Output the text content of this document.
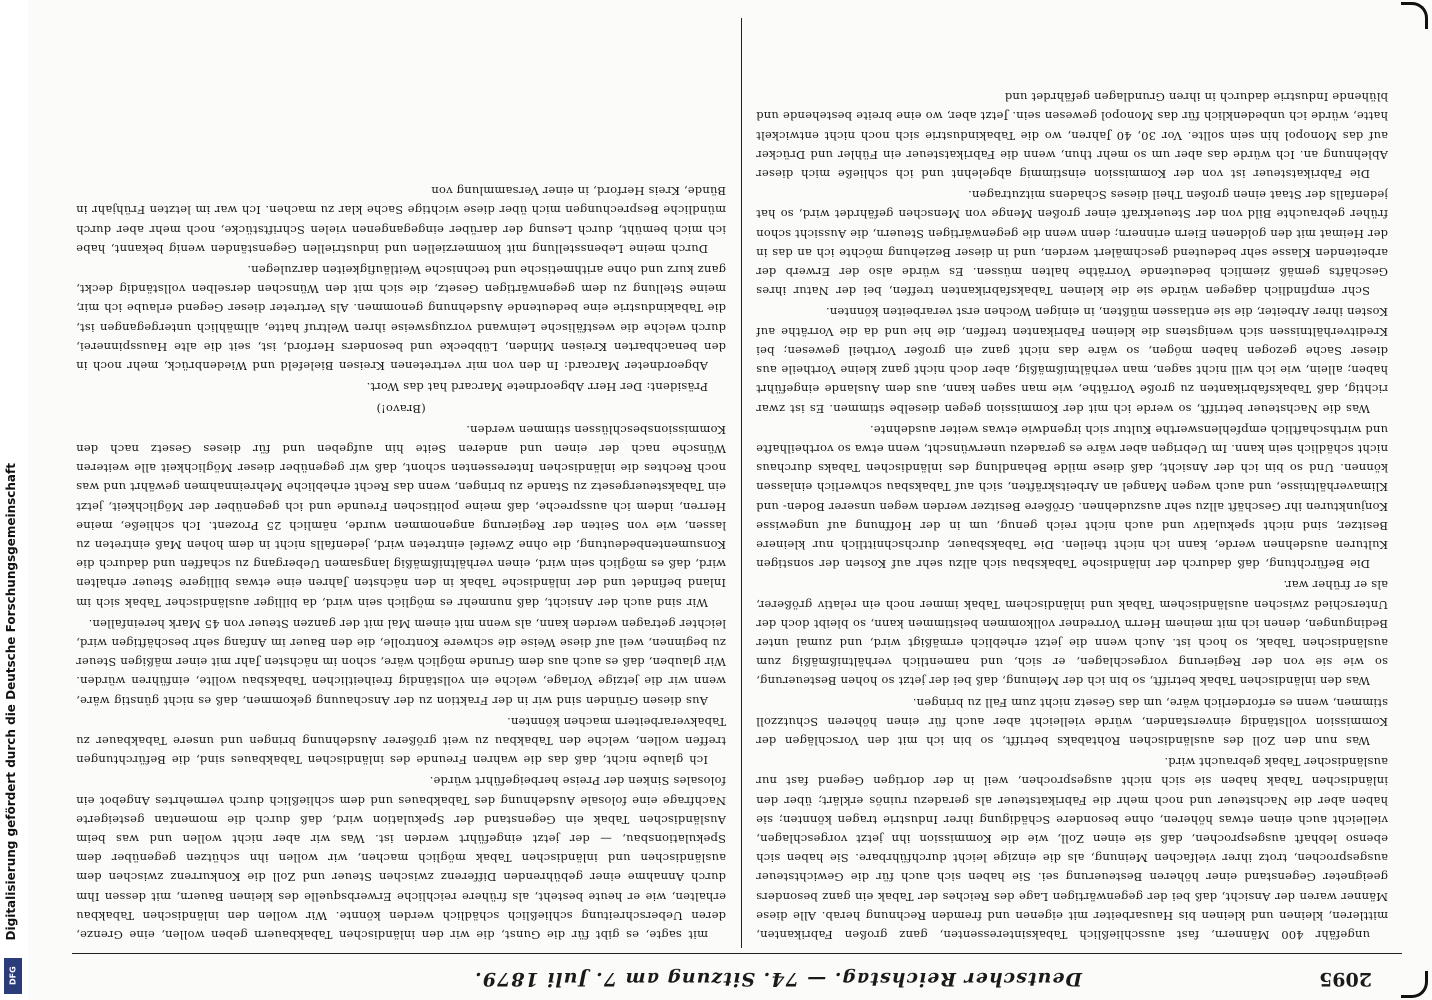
Digitalisierung gefördert durch die Deutsche Forschungsgemeinschaft
DFG	Deutscher Reichstag. — 74. Sitzung am 7. Juli 1879.	2095

ungefähr 400 Männern, fast ausschließlich Tabaksinteressenten, ganz großen Fabrikanten, mittleren, kleinen und kleinen bis Hausarbeiter mit eigenen und fremden Rechnung herab. Alle diese Männer waren der Ansicht, daß bei der gegenwärtigen Lage des Reiches der Tabak ein ganz besonders geeigneter Gegenstand einer höheren Besteuerung sei. Sie haben sich auch für die Gewichtsteuer ausgesprochen, trotz ihrer vielfachen Meinung, als die einzige leicht durchführbare. Sie haben sich ebenso lebhaft ausgesprochen, daß sie einen Zoll, wie die Kommission ihn jetzt vorgeschlagen, vielleicht auch einen etwas höheren, ohne besondere Schädigung ihrer Industrie tragen könnten; sie haben aber die Nachsteuer und noch mehr die Fabrikatsteuer als geradezu ruinös erklärt; über den inländischen Tabak haben sie sich nicht ausgesprochen, weil in der dortigen Gegend fast nur ausländischer Tabak gebraucht wird.

Was nun den Zoll des ausländischen Rohtabaks betrifft, so bin ich mit den Vorschlägen der Kommission vollständig einverstanden, würde vielleicht aber auch für einen höheren Schutzzoll stimmen, wenn es erforderlich wäre, um das Gesetz nicht zum Fall zu bringen.

Was den inländischen Tabak betrifft, so bin ich der Meinung, daß bei der jetzt so hohen Besteuerung, so wie sie von der Regierung vorgeschlagen, er sich, und namentlich verhältnißmäßig zum ausländischen Tabak, so hoch ist. Auch wenn die jetzt erheblich ermäßigt wird, und zumal unter Bedingungen, denen ich mit meinem Herrn Vorredner vollkommen beistimmen kann, so bleibt doch der Unterschied zwischen ausländischem Tabak und inländischem Tabak immer noch ein relativ größerer, als er früher war.

Die Befürchtung, daß dadurch der inländische Tabaksbau sich allzu sehr auf Kosten der sonstigen Kulturen ausdehnen werde, kann ich nicht theilen. Die Tabaksbauer, durchschnittlich nur kleinere Besitzer, sind nicht spekulativ und auch nicht reich genug, um in der Hoffnung auf ungewisse Konjunkturen ihr Geschäft allzu sehr auszudehnen. Größere Besitzer werden wegen unserer Boden- und Klimaverhältnisse, und auch wegen Mangel an Arbeitskräften, sich auf Tabaksbau schwerlich einlassen können. Und so bin ich der Ansicht, daß diese milde Behandlung des inländischen Tabaks durchaus nicht schädlich sein kann. Im Uebrigen aber wäre es geradezu unerwünscht, wenn etwa so vortheilhafte und wirthschaftlich empfehlenswerthe Kultur sich irgendwie etwas weiter ausdehnte.

Was die Nachsteuer betrifft, so werde ich mit der Kommission gegen dieselbe stimmen. Es ist zwar richtig, daß Tabaksfabrikanten zu große Vorräthe, wie man sagen kann, aus dem Auslande eingeführt haben; allein, wie ich will nicht sagen, man verhältnißmäßig, aber doch nicht ganz kleine Vortheile aus dieser Sache gezogen haben mögen, so wäre das nicht ganz ein großer Vortheil gewesen; bei Kreditverhältnissen sich wenigstens die kleinen Fabrikanten treffen, die hie und da die Vorräthe auf Kosten ihrer Arbeiter, die sie entlassen müßten, in einigen Wochen erst verarbeiten könnten.

Schr empfindlich dagegen würde sie die kleinen Tabaksfabrikanten treffen, bei der Natur ihres Geschäfts gemäß ziemlich bedeutende Vorräthe halten müssen. Es würde also der Erwerb der arbeitenden Klasse sehr bedeutend geschmälert werden, und in dieser Beziehung möchte ich an das in der Heimat mit den goldenen Eiern erinnern; denn wenn die gegenwärtigen Steuern, die Aussicht schon früher gebrauchte Bild von der Steuerkraft einer großen Menge von Menschen gefährdet wird, so hat jedenfalls der Staat einen großen Theil dieses Schadens mitzutragen.

Die Fabrikatsteuer ist von der Kommission einstimmig abgelehnt und ich schließe mich dieser Ablehnung an. Ich würde das aber um so mehr thun, wenn die Fabrikatsteuer ein Fühler und Drücker auf das Monopol hin sein sollte. Vor 30, 40 Jahren, wo die Tabakindustrie sich noch nicht entwickelt hatte, würde ich unbedenklich für das Monopol gewesen sein. Jetzt aber, wo eine breite bestehende und blühende Industrie dadurch in ihren Grundlagen gefährdet und

mit sagte, es gibt für die Gunst, die wir den inländischen Tabakbauern geben wollen, eine Grenze, deren Ueberschreitung schließlich schädlich werden könnte. Wir wollen den inländischen Tabakbau erhalten, wie er heute besteht, als frühere reichliche Erwerbsquelle des kleinen Bauern, mit dessen Ihm durch Annahme einer gebührenden Differenz zwischen Steuer und Zoll die Konkurrenz zwischen dem ausländischen und inländischen Tabak möglich machen, wir wollen ihn schützen gegenüber dem Spekulationsbau, — der jetzt eingeführt werden ist. Was wir aber nicht wollen und was beim Ausländischen Tabak ein Gegenstand der Spekulation wird, daß durch die momentan gesteigerte Nachfrage eine folosale Ausdehnung des Tabakbaues und dem schließlich durch vermehrtes Angebot ein folosales Sinken der Preise herbeigeführt würde.

Ich glaube nicht, daß das die wahren Freunde des inländischen Tabakbaues sind, die Befürchtungen treffen wollen, welche den Tabakbau zu weit größerer Ausdehnung bringen und unsere Tabakbauer zu Tabakverarbeitern machen könnten.

Aus diesen Gründen sind wir in der Fraktion zu der Anschauung gekommen, daß es nicht günstig wäre, wenn wir die jetzige Vorlage, welche ein vollständig freiheitlichen Tabaksbau wollte, einführen würden. Wir glauben, daß es auch aus dem Grunde möglich wäre, schon im nächsten Jahr mit einer mäßigen Steuer zu beginnen, weil auf diese Weise die schwere Kontrolle, die den Bauer im Anfang sehr beschäftigen wird, leichter getragen werden kann, als wenn mit einem Mal mit der ganzen Steuer von 45 Mark hereinfallen.

Wir sind auch der Ansicht, daß nunmehr es möglich sein wird, da billiger ausländischer Tabak sich im Inland befindet und der inländische Tabak in den nächsten Jahren eine etwas billigere Steuer erhalten wird, daß es möglich sein wird, einen verhältnißmäßig langsamen Uebergang zu schaffen und dadurch die Konsumentenbedeutung, die ohne Zweifel eintreten wird, jedenfalls nicht in dem hohen Maß eintreten zu lassen, wie von Seiten der Regierung angenommen wurde, nämlich 25 Prozent. Ich schließe, meine Herren, indem ich ausspreche, daß meine politischen Freunde und ich gegenüber der Möglichkeit, jetzt ein Tabaksteuergesetz zu Stande zu bringen, wenn das Recht erhebliche Mehreinnahmen gewährt und was noch Rechtes die inländischen Interessenten schont, daß wir gegenüber dieser Möglichkeit alle weiteren Wünsche nach der einen und anderen Seite hin aufgeben und für dieses Gesetz nach den Kommissionsbeschlüssen stimmen werden.

(Bravo!)

Präsident: Der Herr Abgeordnete Marcard hat das Wort.

Abgeordneter Marcard: In den von mir vertretenen Kreisen Bielefeld und Wiedenbrück, mehr noch in den benachbarten Kreisen Minden, Lübbecke und besonders Herford, ist, seit die alte Hausspinnerei, durch welche die westfälische Leinwand vorzugsweise ihren Weltruf hatte, allmählich untergegangen ist, die Tabakindustrie eine bedeutende Ausdehnung genommen. Als Vertreter dieser Gegend erlaube ich mir, meine Stellung zu dem gegenwärtigen Gesetz, die sich mit den Wünschen derselben vollständig deckt, ganz kurz und ohne arithmetische und technische Weitläufigkeiten darzulegen.

Durch meine Lebensstellung mit kommerziellen und industriellen Gegenständen wenig bekannt, habe ich mich bemüht, durch Lesung der darüber eingegangenen vielen Schriftstücke, noch mehr aber durch mündliche Besprechungen mich über diese wichtige Sache klar zu machen. Ich war im letzten Frühjahr in Bünde, Kreis Herford, in einer Versammlung von
